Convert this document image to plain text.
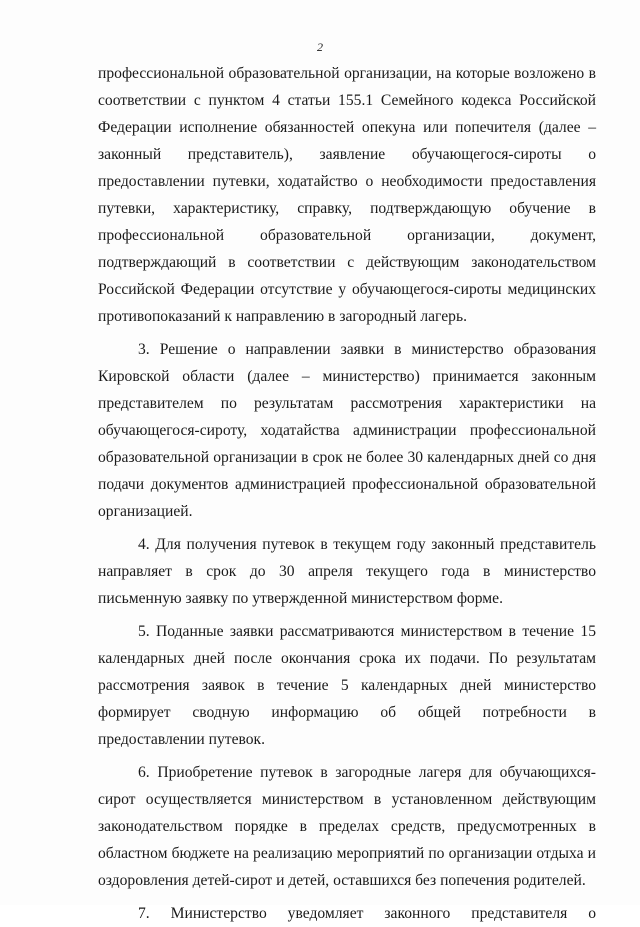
2

профессиональной образовательной организации, на которые возложено в соответствии с пунктом 4 статьи 155.1 Семейного кодекса Российской Федерации исполнение обязанностей опекуна или попечителя (далее – законный представитель), заявление обучающегося-сироты о предоставлении путевки, ходатайство о необходимости предоставления путевки, характеристику, справку, подтверждающую обучение в профессиональной образовательной организации, документ, подтверждающий в соответствии с действующим законодательством Российской Федерации отсутствие у обучающегося-сироты медицинских противопоказаний к направлению в загородный лагерь.

3. Решение о направлении заявки в министерство образования Кировской области (далее – министерство) принимается законным представителем по результатам рассмотрения характеристики на обучающегося-сироту, ходатайства администрации профессиональной образовательной организации в срок не более 30 календарных дней со дня подачи документов администрацией профессиональной образовательной организацией.

4. Для получения путевок в текущем году законный представитель направляет в срок до 30 апреля текущего года в министерство письменную заявку по утвержденной министерством форме.

5. Поданные заявки рассматриваются министерством в течение 15 календарных дней после окончания срока их подачи. По результатам рассмотрения заявок в течение 5 календарных дней министерство формирует сводную информацию об общей потребности в предоставлении путевок.

6. Приобретение путевок в загородные лагеря для обучающихся-сирот осуществляется министерством в установленном действующим законодательством порядке в пределах средств, предусмотренных в областном бюджете на реализацию мероприятий по организации отдыха и оздоровления детей-сирот и детей, оставшихся без попечения родителей.

7. Министерство уведомляет законного представителя о
